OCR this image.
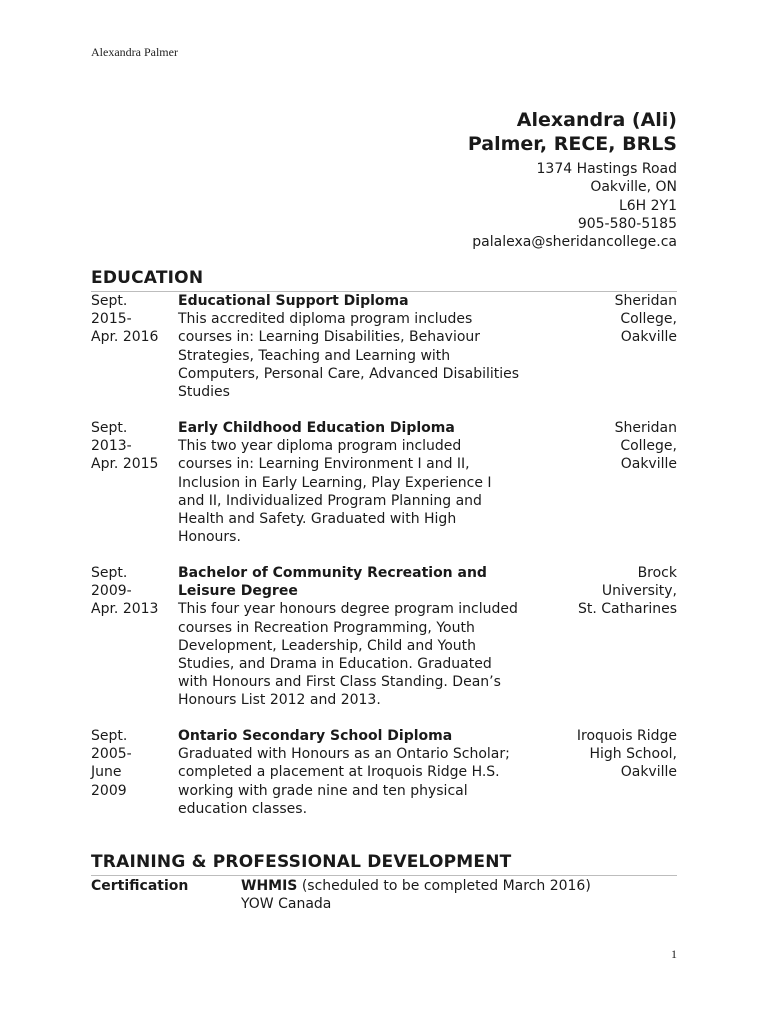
Alexandra Palmer
Alexandra (Ali)
Palmer, RECE, BRLS
1374 Hastings Road
Oakville, ON
L6H 2Y1
905-580-5185
palalexa@sheridancollege.ca
EDUCATION
Sept.
2015-
Apr. 2016
Educational Support Diploma
This accredited diploma program includes
courses in: Learning Disabilities, Behaviour
Strategies, Teaching and Learning with
Computers, Personal Care, Advanced Disabilities
Studies
Sheridan
College,
Oakville
Sept.
2013-
Apr. 2015
Early Childhood Education Diploma
This two year diploma program included
courses in: Learning Environment I and II,
Inclusion in Early Learning, Play Experience I
and II, Individualized Program Planning and
Health and Safety. Graduated with High
Honours.
Sheridan
College,
Oakville
Sept.
2009-
Apr. 2013
Bachelor of Community Recreation and
Leisure Degree
This four year honours degree program included
courses in Recreation Programming, Youth
Development, Leadership, Child and Youth
Studies, and Drama in Education. Graduated
with Honours and First Class Standing. Dean’s
Honours List 2012 and 2013.
Brock
University,
St. Catharines
Sept.
2005-
June
2009
Ontario Secondary School Diploma
Graduated with Honours as an Ontario Scholar;
completed a placement at Iroquois Ridge H.S.
working with grade nine and ten physical
education classes.
Iroquois Ridge
High School,
Oakville
TRAINING & PROFESSIONAL DEVELOPMENT
Certification	WHMIS (scheduled to be completed March 2016)
YOW Canada
1
